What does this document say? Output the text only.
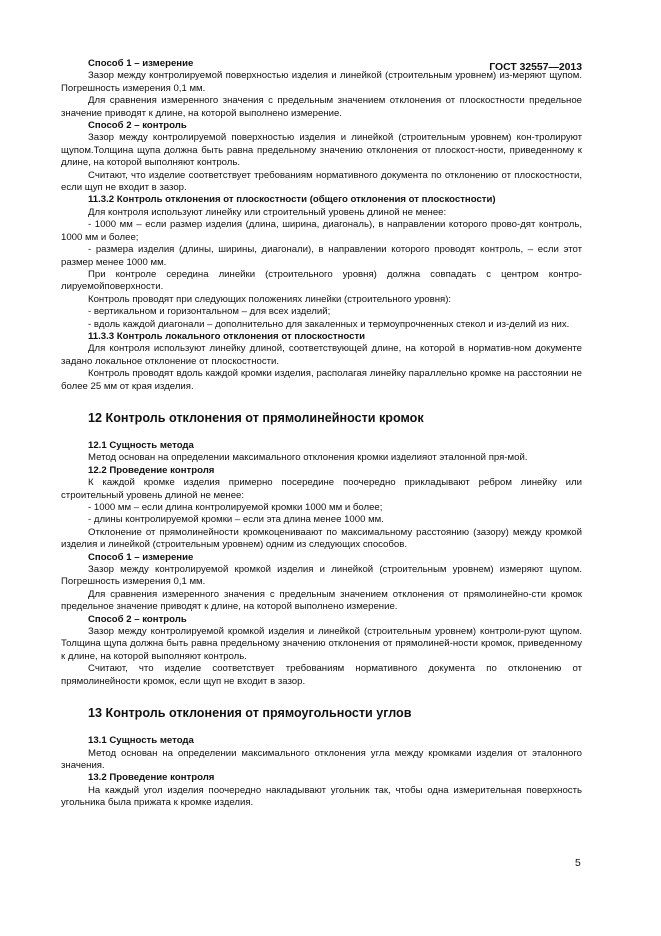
ГОСТ 32557—2013
Способ 1 – измерение
Зазор между контролируемой поверхностью изделия и линейкой (строительным уровнем) из-меряют щупом. Погрешность измерения 0,1 мм.
Для сравнения измеренного значения с предельным значением отклонения от плоскостности предельное значение приводят к длине, на которой выполнено измерение.
Способ 2 – контроль
Зазор между контролируемой поверхностью изделия и линейкой (строительным уровнем) кон-тролируют щупом.Толщина щупа должна быть равна предельному значению отклонения от плоскост-ности, приведенному к длине, на которой выполняют контроль.
Считают, что изделие соответствует требованиям нормативного документа по отклонению от плоскостности, если щуп не входит в зазор.
11.3.2 Контроль отклонения от плоскостности (общего отклонения от плоскостности)
Для контроля используют линейку или строительный уровень длиной не менее:
- 1000 мм – если размер изделия (длина, ширина, диагональ), в направлении которого прово-дят контроль, 1000 мм и более;
- размера изделия (длины, ширины, диагонали), в направлении которого проводят контроль, – если этот размер менее 1000 мм.
При контроле середина линейки (строительного уровня) должна совпадать с центром контро-лируемойповерхности.
Контроль проводят при следующих положениях линейки (строительного уровня):
- вертикальном и горизонтальном – для всех изделий;
- вдоль каждой диагонали – дополнительно для закаленных и термоупрочненных стекол и из-делий из них.
11.3.3 Контроль локального отклонения от плоскостности
Для контроля используют линейку длиной, соответствующей длине, на которой в норматив-ном документе задано локальное отклонение от плоскостности.
Контроль проводят вдоль каждой кромки изделия, располагая линейку параллельно кромке на расстоянии не более 25 мм от края изделия.
12 Контроль отклонения от прямолинейности кромок
12.1 Сущность метода
Метод основан на определении максимального отклонения кромки изделияот эталонной пря-мой.
12.2 Проведение контроля
К каждой кромке изделия примерно посередине поочередно прикладывают ребром линейку или строительный уровень длиной не менее:
- 1000 мм – если длина контролируемой кромки 1000 мм и более;
- длины контролируемой кромки – если эта длина менее 1000 мм.
Отклонение от прямолинейности кромкоцениваают по максимальному расстоянию (зазору) между кромкой изделия и линейкой (строительным уровнем) одним из следующих способов.
Способ 1 – измерение
Зазор между контролируемой кромкой изделия и линейкой (строительным уровнем) измеряют щупом. Погрешность измерения 0,1 мм.
Для сравнения измеренного значения с предельным значением отклонения от прямолинейно-сти кромок предельное значение приводят к длине, на которой выполнено измерение.
Способ 2 – контроль
Зазор между контролируемой кромкой изделия и линейкой (строительным уровнем) контроли-руют щупом. Толщина щупа должна быть равна предельному значению отклонения от прямолиней-ности кромок, приведенному к длине, на которой выполняют контроль.
Считают, что изделие соответствует требованиям нормативного документа по отклонению от прямолинейности кромок, если щуп не входит в зазор.
13 Контроль отклонения от прямоугольности углов
13.1 Сущность метода
Метод основан на определении максимального отклонения угла между кромками изделия от эталонного значения.
13.2 Проведение контроля
На каждый угол изделия поочередно накладывают угольник так, чтобы одна измерительная поверхность угольника была прижата к кромке изделия.
5
